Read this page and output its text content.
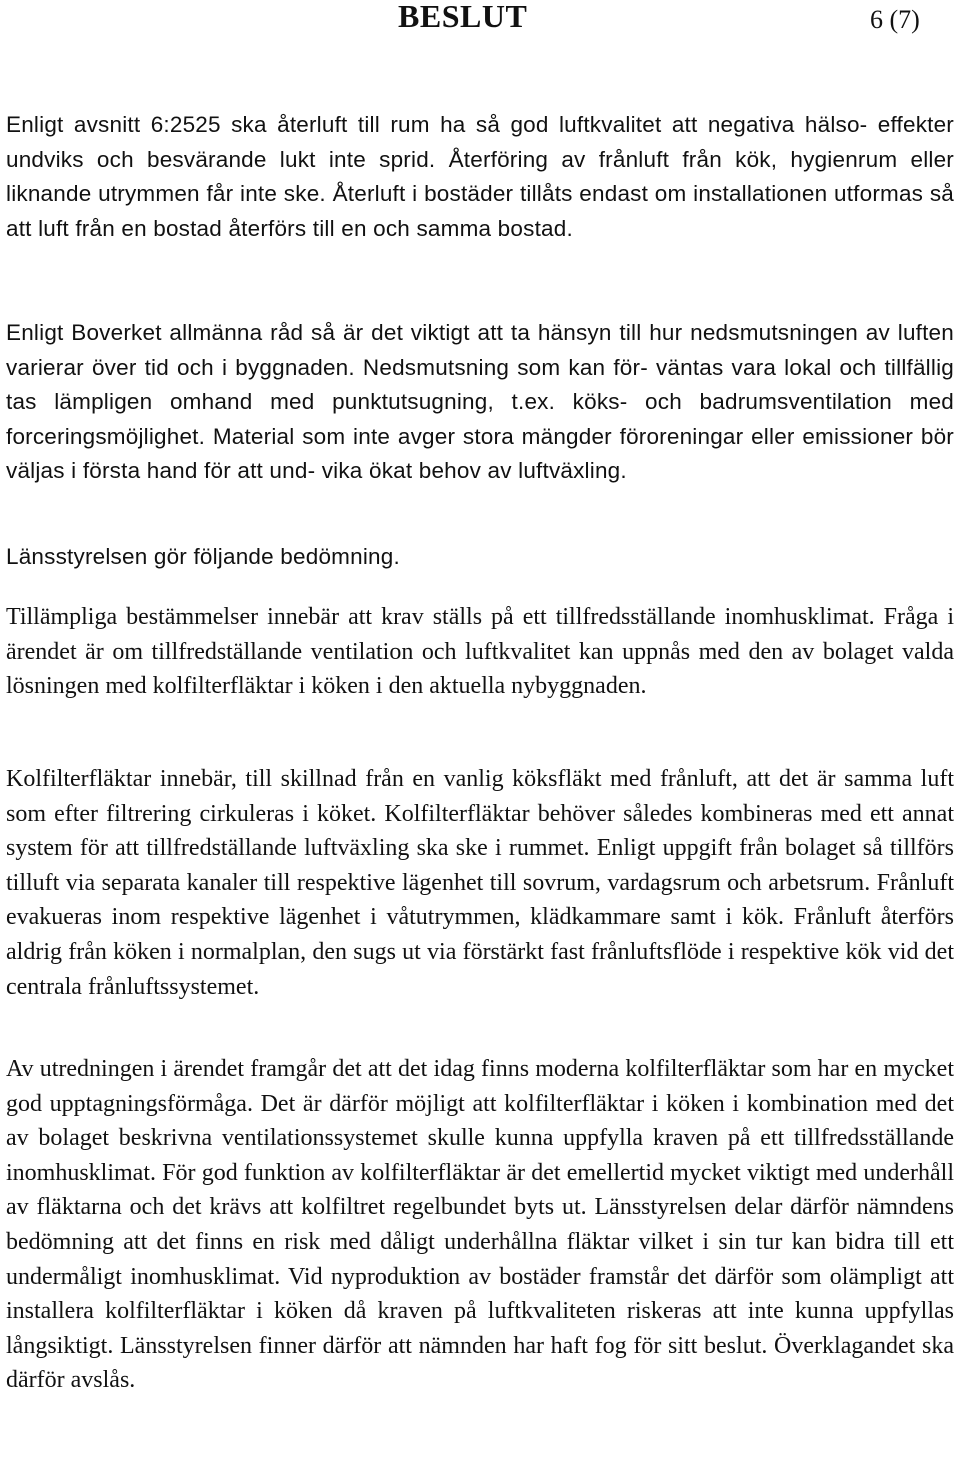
BESLUT	6 (7)

Enligt avsnitt 6:2525 ska återluft till rum ha så god luftkvalitet att negativa hälso- effekter undviks och besvärande lukt inte sprid. Återföring av frånluft från kök, hygienrum eller liknande utrymmen får inte ske. Återluft i bostäder tillåts endast om installationen utformas så att luft från en bostad återförs till en och samma bostad.

Enligt Boverket allmänna råd så är det viktigt att ta hänsyn till hur nedsmutsningen av luften varierar över tid och i byggnaden. Nedsmutsning som kan för- väntas vara lokal och tillfällig tas lämpligen omhand med punktutsugning, t.ex. köks- och badrumsventilation med forceringsmöjlighet. Material som inte avger stora mängder föroreningar eller emissioner bör väljas i första hand för att und- vika ökat behov av luftväxling.

Länsstyrelsen gör följande bedömning.

Tillämpliga bestämmelser innebär att krav ställs på ett tillfredsställande inomhusklimat. Fråga i ärendet är om tillfredställande ventilation och luftkvalitet kan uppnås med den av bolaget valda lösningen med kolfilterfläktar i köken i den aktuella nybyggnaden.

Kolfilterfläktar innebär, till skillnad från en vanlig köksfläkt med frånluft, att det är samma luft som efter filtrering cirkuleras i köket. Kolfilterfläktar behöver således kombineras med ett annat system för att tillfredställande luftväxling ska ske i rummet. Enligt uppgift från bolaget så tillförs tilluft via separata kanaler till respektive lägenhet till sovrum, vardagsrum och arbetsrum. Frånluft evakueras inom respektive lägenhet i våtutrymmen, klädkammare samt i kök. Frånluft återförs aldrig från köken i normalplan, den sugs ut via förstärkt fast frånluftsflöde i respektive kök vid det centrala frånluftssystemet.

Av utredningen i ärendet framgår det att det idag finns moderna kolfilterfläktar som har en mycket god upptagningsförmåga. Det är därför möjligt att kolfilterfläktar i köken i kombination med det av bolaget beskrivna ventilationssystemet skulle kunna uppfylla kraven på ett tillfredsställande inomhusklimat. För god funktion av kolfilterfläktar är det emellertid mycket viktigt med underhåll av fläktarna och det krävs att kolfiltret regelbundet byts ut. Länsstyrelsen delar därför nämndens bedömning att det finns en risk med dåligt underhållna fläktar vilket i sin tur kan bidra till ett undermåligt inomhusklimat. Vid nyproduktion av bostäder framstår det därför som olämpligt att installera kolfilterfläktar i köken då kraven på luftkvaliteten riskeras att inte kunna uppfyllas långsiktigt. Länsstyrelsen finner därför att nämnden har haft fog för sitt beslut. Överklagandet ska därför avslås.
